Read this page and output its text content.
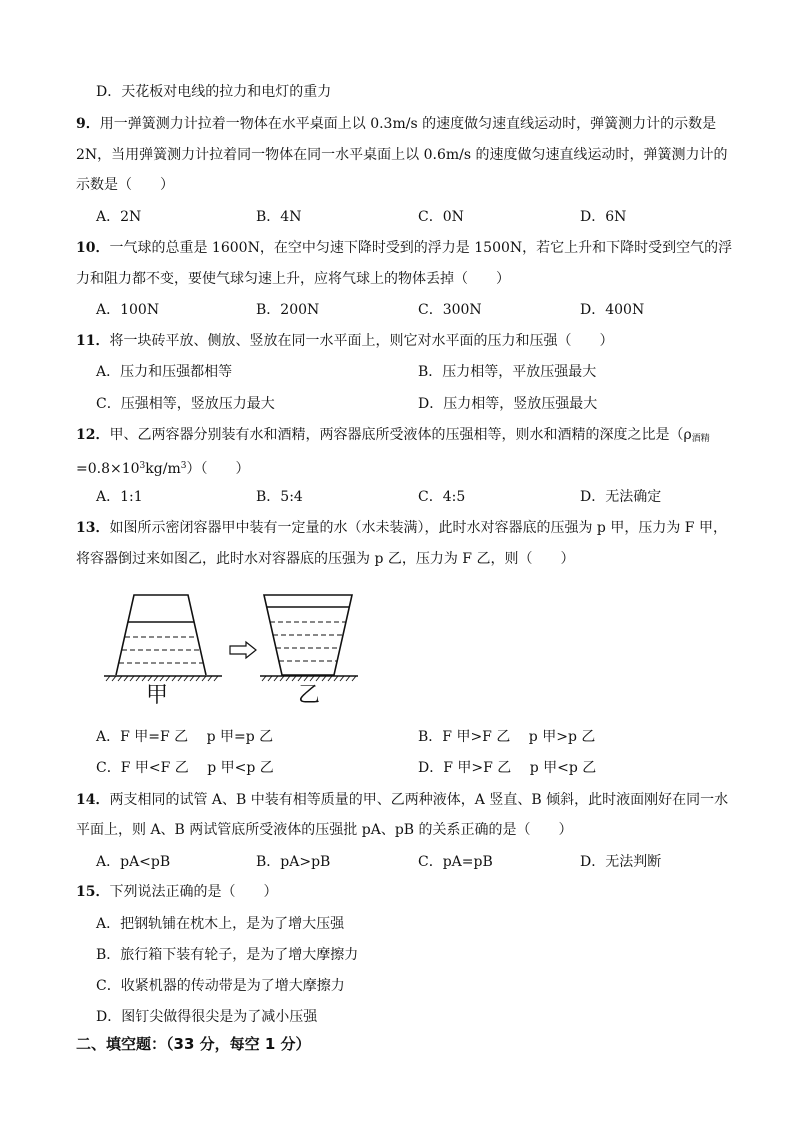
D．天花板对电线的拉力和电灯的重力
9．用一弹簧测力计拉着一物体在水平桌面上以 0.3m/s 的速度做匀速直线运动时，弹簧测力计的示数是
2N，当用弹簧测力计拉着同一物体在同一水平桌面上以 0.6m/s 的速度做匀速直线运动时，弹簧测力计的
示数是（　　）
A．2N	B．4N	C．0N	D．6N
10．一气球的总重是 1600N，在空中匀速下降时受到的浮力是 1500N，若它上升和下降时受到空气的浮
力和阻力都不变，要使气球匀速上升，应将气球上的物体丢掉（　　）
A．100N	B．200N	C．300N	D．400N
11．将一块砖平放、侧放、竖放在同一水平面上，则它对水平面的压力和压强（　　）
A．压力和压强都相等	B．压力相等，平放压强最大
C．压强相等，竖放压力最大	D．压力相等，竖放压强最大
12．甲、乙两容器分别装有水和酒精，两容器底所受液体的压强相等，则水和酒精的深度之比是（$\rho_{酒精}$
$=0.8\times 10^3kg/m^3$）（　　）
A．1:1	B．5:4	C．4:5	D．无法确定
13．如图所示密闭容器甲中装有一定量的水（水未装满），此时水对容器底的压强为 p 甲，压力为 F 甲，
将容器倒过来如图乙，此时水对容器底的压强为 p 乙，压力为 F 乙，则（　　）
甲	乙
A．F 甲=F 乙　 p 甲=p 乙	B．F 甲>F 乙　 p 甲>p 乙
C．F 甲<F 乙　 p 甲<p 乙	D．F 甲>F 乙　 p 甲<p 乙
14．两支相同的试管 A、B 中装有相等质量的甲、乙两种液体，A 竖直、B 倾斜，此时液面刚好在同一水
平面上，则 A、B 两试管底所受液体的压强批 pA、pB 的关系正确的是（　　）
A．pA<pB	B．pA>pB	C．pA=pB	D．无法判断
15．下列说法正确的是（　　）
A．把钢轨铺在枕木上，是为了增大压强
B．旅行箱下装有轮子，是为了增大摩擦力
C．收紧机器的传动带是为了增大摩擦力
D．图钉尖做得很尖是为了减小压强
二、填空题：（33 分，每空 1 分）
